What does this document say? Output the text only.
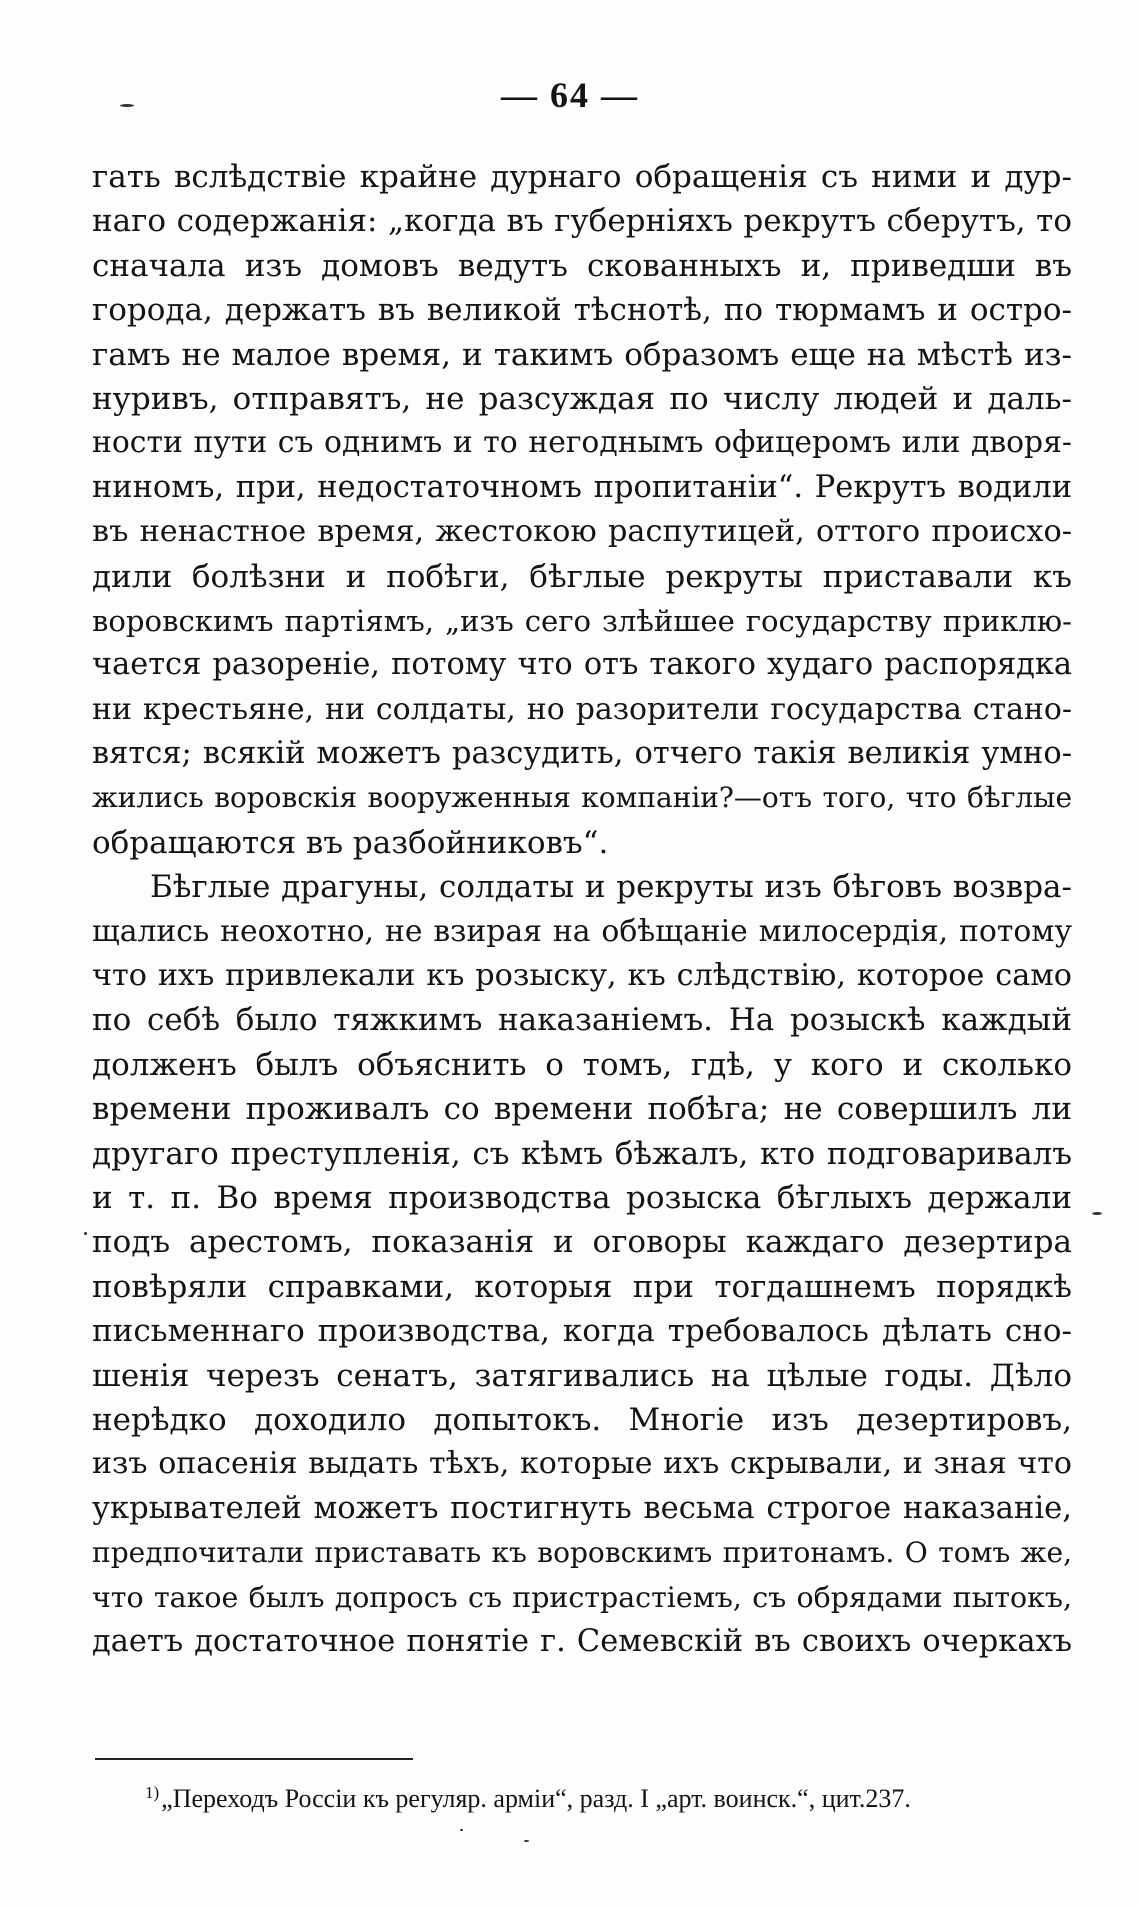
— 64 —
гать вслѣдствіе крайне дурнаго обращенія съ ними и дур-
наго содержанія: „когда въ губерніяхъ рекрутъ сберутъ, то
сначала изъ домовъ ведутъ скованныхъ и, приведши въ
города, держатъ въ великой тѣснотѣ, по тюрмамъ и остро-
гамъ не малое время, и такимъ образомъ еще на мѣстѣ из-
нуривъ, отправятъ, не разсуждая по числу людей и даль-
ности пути съ однимъ и то негоднымъ офицеромъ или дворя-
ниномъ, при, недостаточномъ пропитаніи“. Рекрутъ водили
въ ненастное время, жестокою распутицей, оттого происхо-
дили болѣзни и побѣги, бѣглые рекруты приставали къ
воровскимъ партіямъ, „изъ сего злѣйшее государству приклю-
чается разореніе, потому что отъ такого худаго распорядка
ни крестьяне, ни солдаты, но разорители государства стано-
вятся; всякій можетъ разсудить, отчего такія великія умно-
жились воровскія вооруженныя компаніи?—отъ того, что бѣглые
обращаются въ разбойниковъ“.
Бѣглые драгуны, солдаты и рекруты изъ бѣговъ возвра-
щались неохотно, не взирая на обѣщаніе милосердія, потому
что ихъ привлекали къ розыску, къ слѣдствію, которое само
по себѣ было тяжкимъ наказаніемъ. На розыскѣ каждый
долженъ былъ объяснить о томъ, гдѣ, у кого и сколько
времени проживалъ со времени побѣга; не совершилъ ли
другаго преступленія, съ кѣмъ бѣжалъ, кто подговаривалъ
и т. п. Во время производства розыска бѣглыхъ держали
подъ арестомъ, показанія и оговоры каждаго дезертира
повѣряли справками, которыя при тогдашнемъ порядкѣ
письменнаго производства, когда требовалось дѣлать сно-
шенія черезъ сенатъ, затягивались на цѣлые годы. Дѣло
нерѣдко доходило допытокъ. Многіе изъ дезертировъ,
изъ опасенія выдать тѣхъ, которые ихъ скрывали, и зная что
укрывателей можетъ постигнуть весьма строгое наказаніе,
предпочитали приставать къ воровскимъ притонамъ. О томъ же,
что такое былъ допросъ съ пристрастіемъ, съ обрядами пытокъ,
даетъ достаточное понятіе г. Семевскій въ своихъ очеркахъ
$^{1)}$„Переходъ Россіи къ регуляр. арміи“, разд. I „арт. воинск.“, цит.237.
